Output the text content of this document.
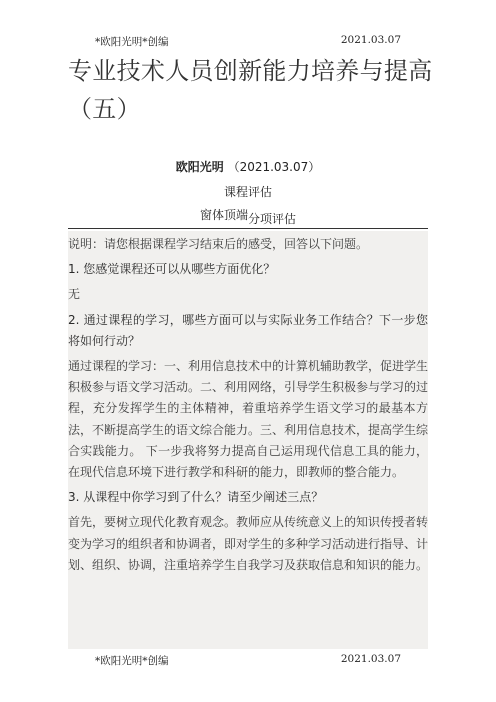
*欧阳光明*创编	2021.03.07
专业技术人员创新能力培养与提高（五）
欧阳光明 （2021.03.07）
课程评估
窗体顶端分项评估

说明：请您根据课程学习结束后的感受，回答以下问题。

1. 您感觉课程还可以从哪些方面优化？

无

2. 通过课程的学习，哪些方面可以与实际业务工作结合？下一步您将如何行动？

通过课程的学习：一、利用信息技术中的计算机辅助教学，促进学生积极参与语文学习活动。二、利用网络，引导学生积极参与学习的过程，充分发挥学生的主体精神，着重培养学生语文学习的最基本方法，不断提高学生的语文综合能力。三、利用信息技术，提高学生综合实践能力。 下一步我将努力提高自己运用现代信息工具的能力，在现代信息环境下进行教学和科研的能力，即教师的整合能力。

3. 从课程中你学习到了什么？请至少阐述三点？

首先，要树立现代化教育观念。教师应从传统意义上的知识传授者转变为学习的组织者和协调者，即对学生的多种学习活动进行指导、计划、组织、协调，注重培养学生自我学习及获取信息和知识的能力。

*欧阳光明*创编	2021.03.07
